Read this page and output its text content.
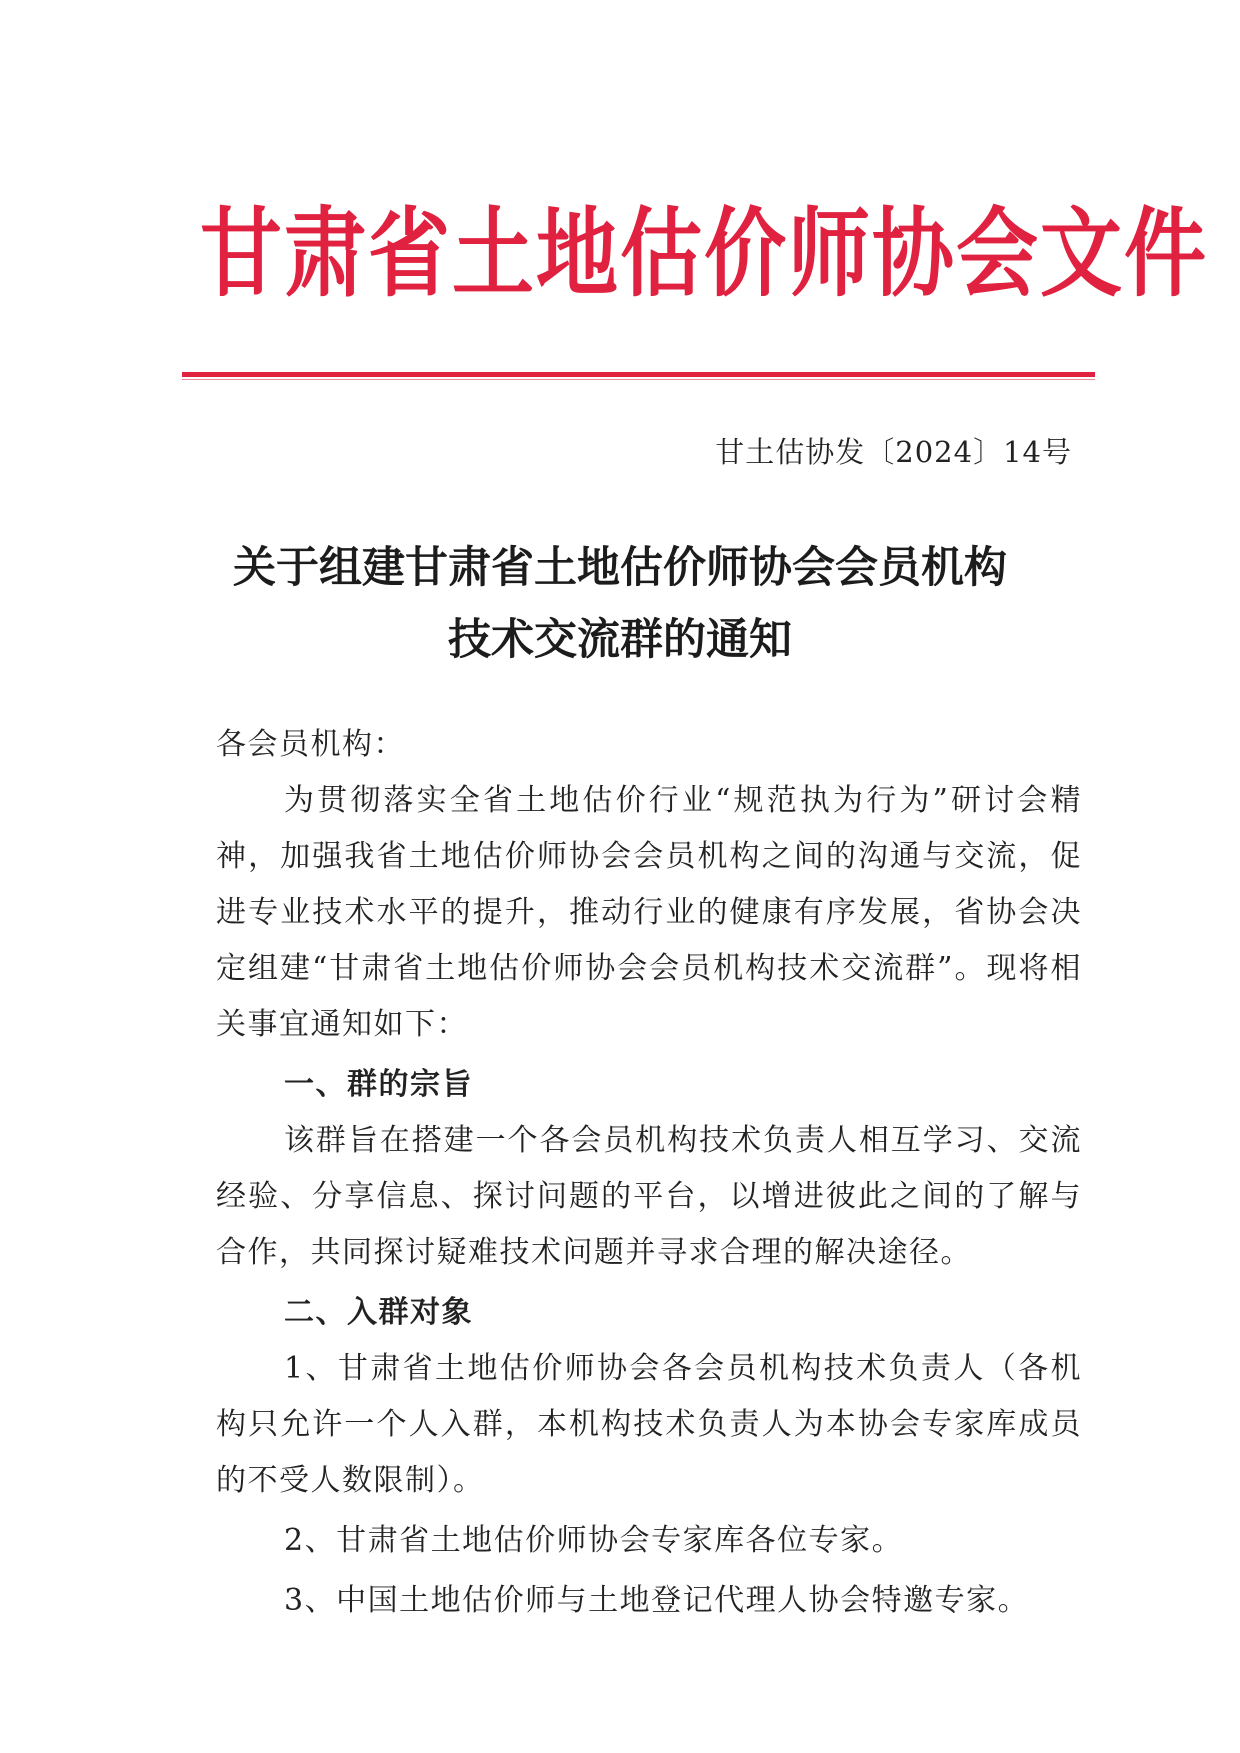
甘肃省土地估价师协会文件
甘土估协发〔2024〕14号
关于组建甘肃省土地估价师协会会员机构
技术交流群的通知

各会员机构：

为贯彻落实全省土地估价行业“规范执为行为”研讨会精神，加强我省土地估价师协会会员机构之间的沟通与交流，促进专业技术水平的提升，推动行业的健康有序发展，省协会决定组建“甘肃省土地估价师协会会员机构技术交流群”。现将相关事宜通知如下：

一、群的宗旨

该群旨在搭建一个各会员机构技术负责人相互学习、交流经验、分享信息、探讨问题的平台，以增进彼此之间的了解与合作，共同探讨疑难技术问题并寻求合理的解决途径。

二、入群对象

1、甘肃省土地估价师协会各会员机构技术负责人（各机构只允许一个人入群，本机构技术负责人为本协会专家库成员的不受人数限制）。

2、甘肃省土地估价师协会专家库各位专家。

3、中国土地估价师与土地登记代理人协会特邀专家。
